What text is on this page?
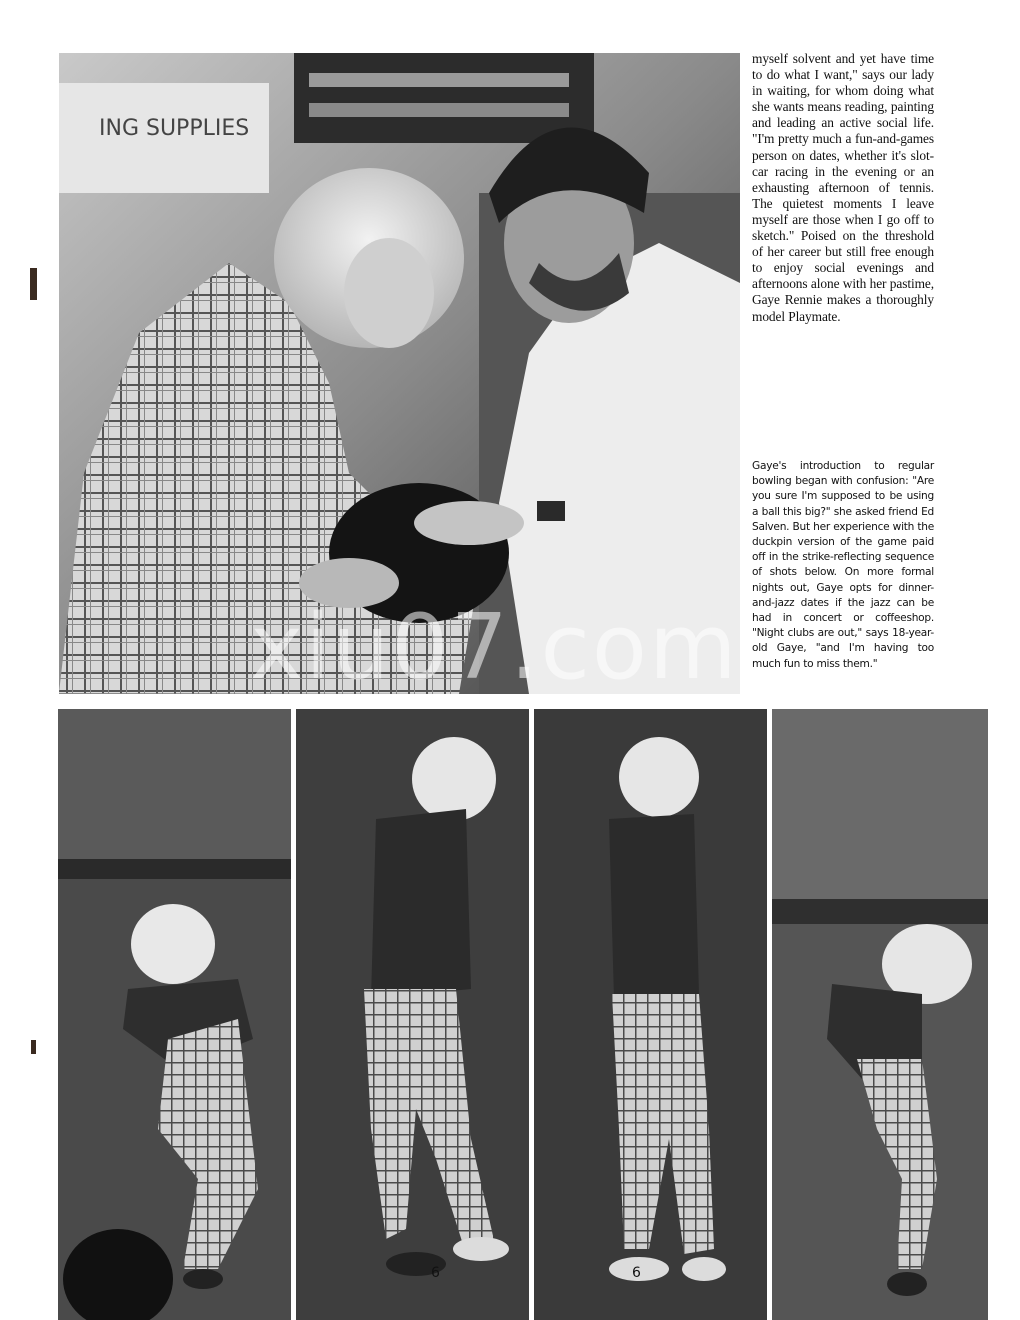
ING SUPPLIES
myself solvent and yet have time to do what I want," says our lady in waiting, for whom doing what she wants means reading, painting and leading an active social life. "I'm pretty much a fun-and-games person on dates, whether it's slot-car racing in the evening or an exhausting afternoon of tennis. The quietest moments I leave myself are those when I go off to sketch." Poised on the threshold of her career but still free enough to enjoy social evenings and afternoons alone with her pastime, Gaye Rennie makes a thoroughly model Playmate.
Gaye's introduction to regular bowling began with confusion: "Are you sure I'm supposed to be using a ball this big?" she asked friend Ed Salven. But her experience with the duckpin version of the game paid off in the strike-reflecting sequence of shots below. On more formal nights out, Gaye opts for dinner-and-jazz dates if the jazz can be had in concert or coffeeshop. "Night clubs are out," says 18-year-old Gaye, "and I'm having too much fun to miss them."
6	6
xiu07.com
